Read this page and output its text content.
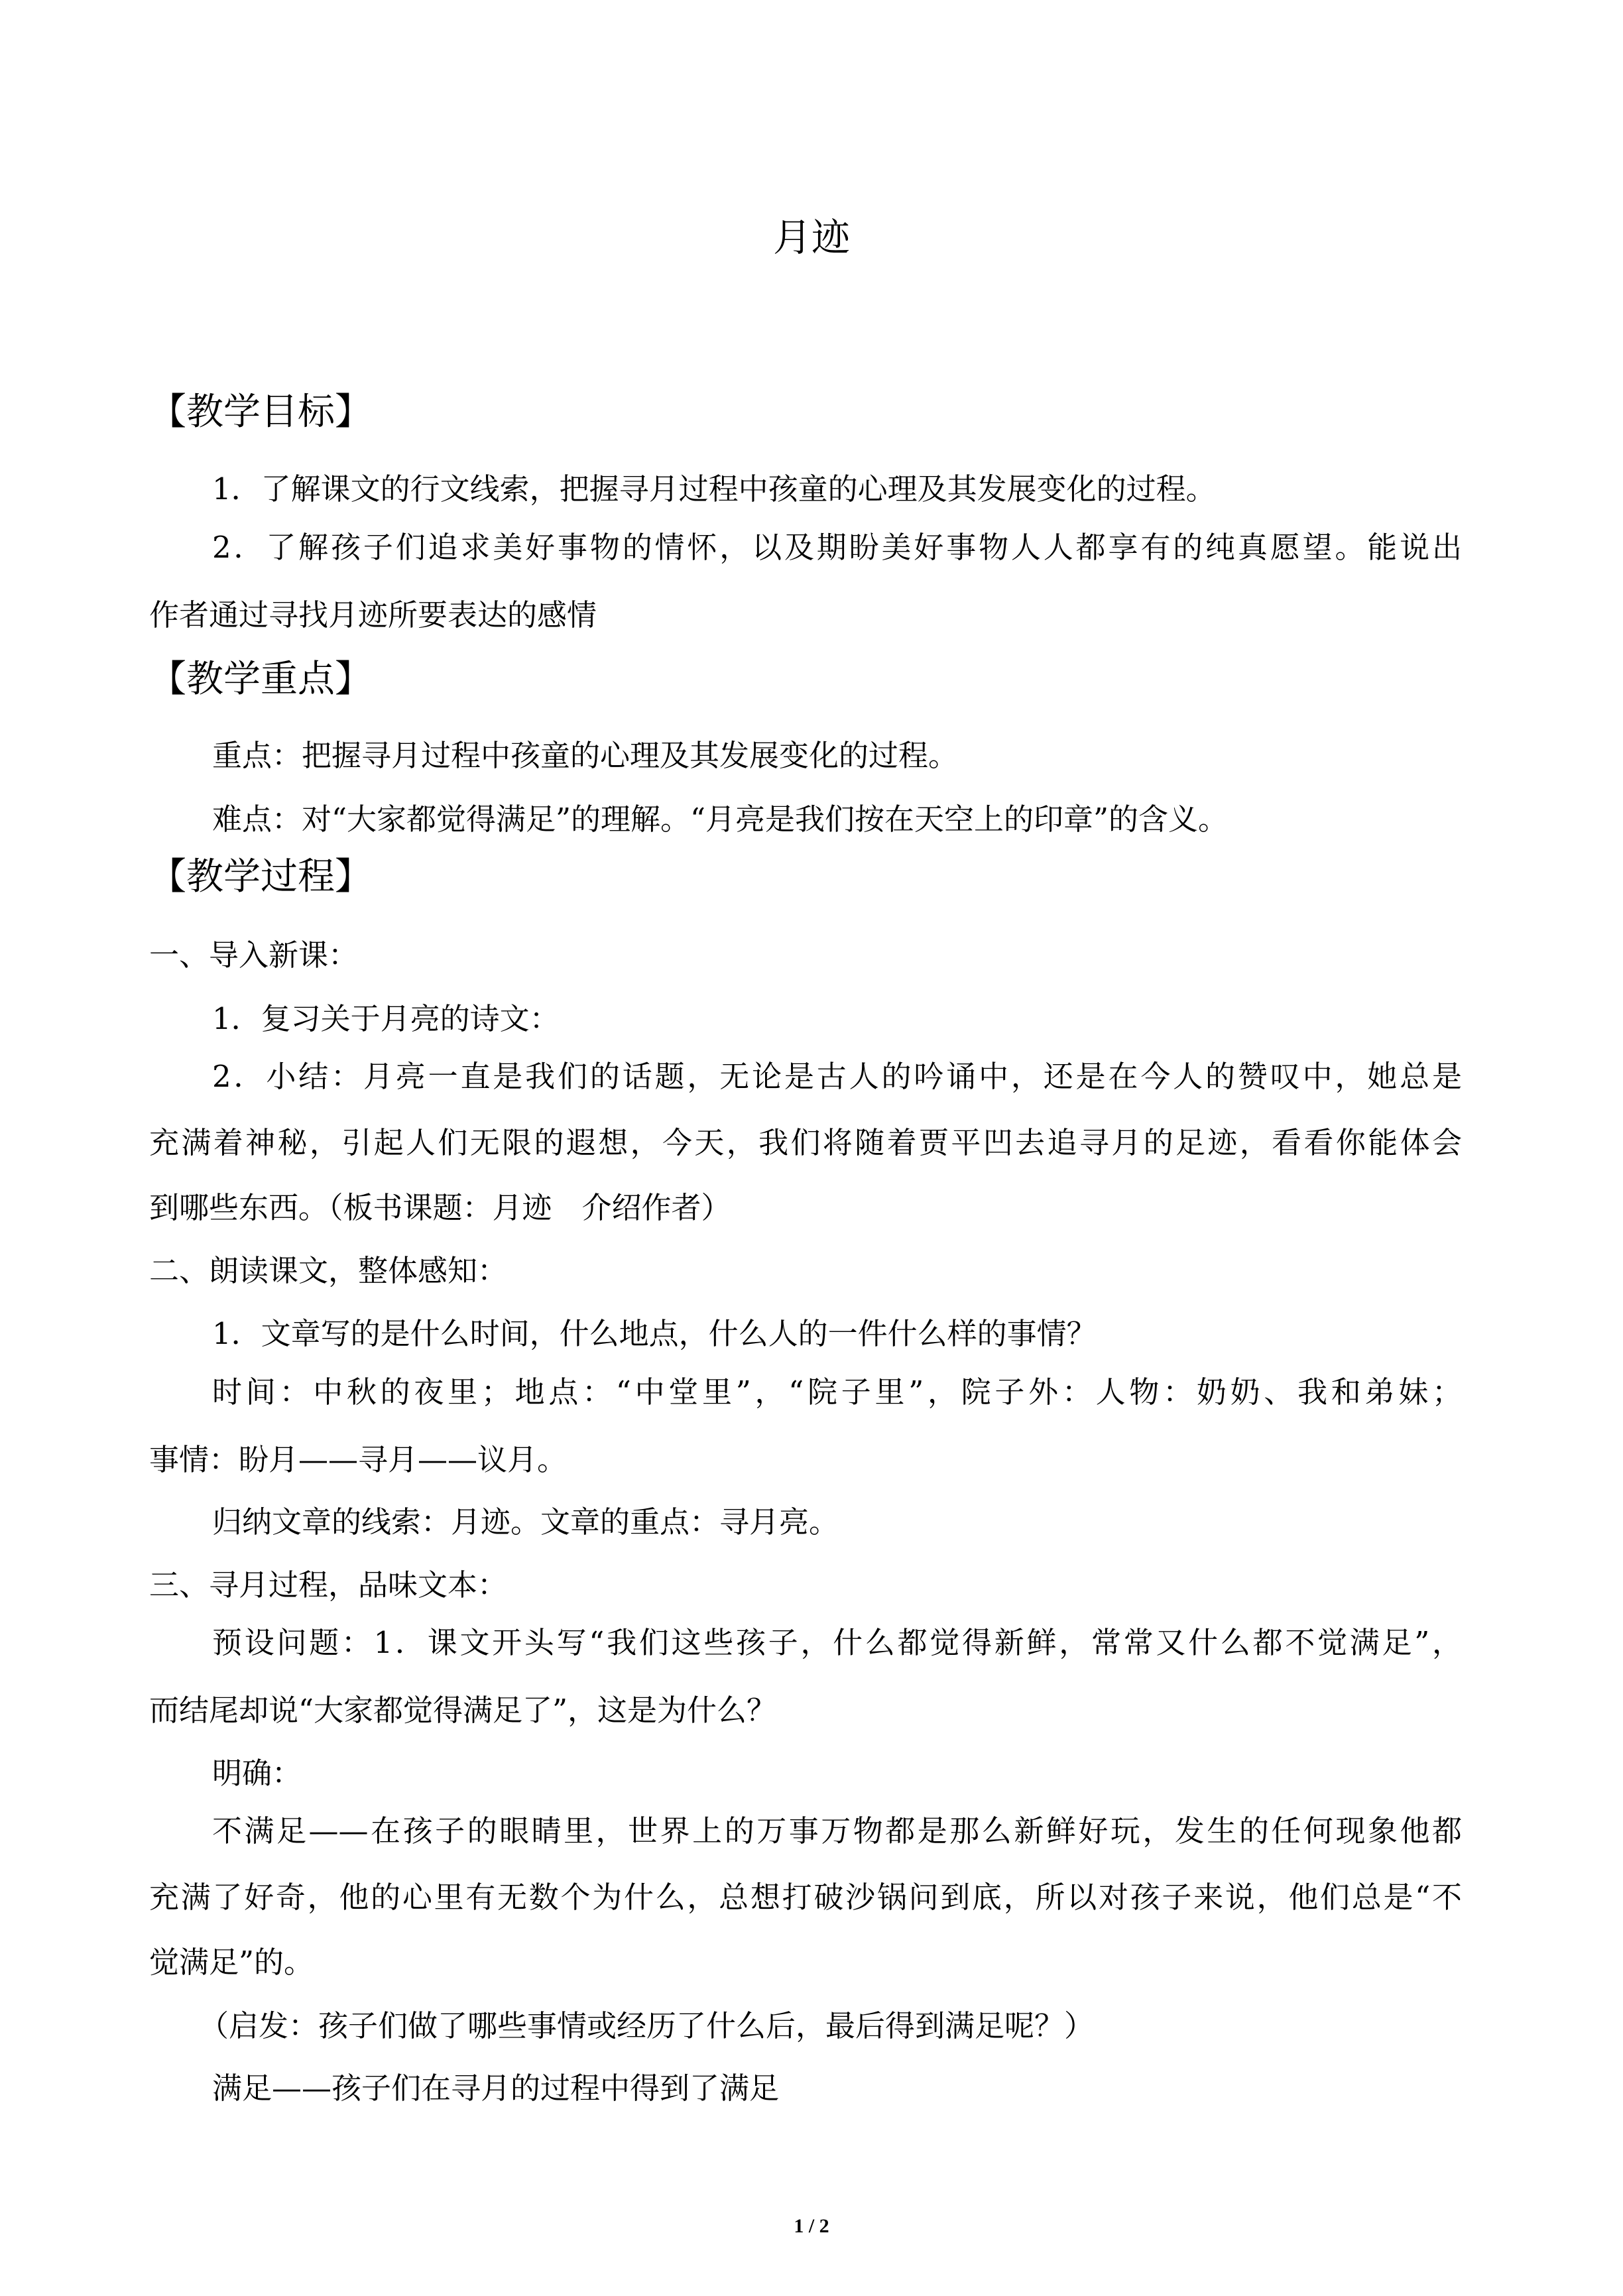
月迹
【教学目标】

1．了解课文的行文线索，把握寻月过程中孩童的心理及其发展变化的过程。

2．了解孩子们追求美好事物的情怀，以及期盼美好事物人人都享有的纯真愿望。能说出

作者通过寻找月迹所要表达的感情

【教学重点】

重点：把握寻月过程中孩童的心理及其发展变化的过程。

难点：对“大家都觉得满足”的理解。“月亮是我们按在天空上的印章”的含义。

【教学过程】

一、导入新课：

1．复习关于月亮的诗文：

2．小结：月亮一直是我们的话题，无论是古人的吟诵中，还是在今人的赞叹中，她总是
充满着神秘，引起人们无限的遐想，今天，我们将随着贾平凹去追寻月的足迹，看看你能体会

到哪些东西。（板书课题：月迹　介绍作者）

二、朗读课文，整体感知：

1．文章写的是什么时间，什么地点，什么人的一件什么样的事情？

时间：中秋的夜里；地点：“中堂里”，“院子里”，院子外：人物：奶奶、我和弟妹；

事情：盼月——寻月——议月。

归纳文章的线索：月迹。文章的重点：寻月亮。

三、寻月过程，品味文本：

预设问题：1．课文开头写“我们这些孩子，什么都觉得新鲜，常常又什么都不觉满足”，

而结尾却说“大家都觉得满足了”，这是为什么？

明确：

不满足——在孩子的眼睛里，世界上的万事万物都是那么新鲜好玩，发生的任何现象他都
充满了好奇，他的心里有无数个为什么，总想打破沙锅问到底，所以对孩子来说，他们总是“不

觉满足”的。

（启发：孩子们做了哪些事情或经历了什么后，最后得到满足呢？）

满足——孩子们在寻月的过程中得到了满足

1 / 2
